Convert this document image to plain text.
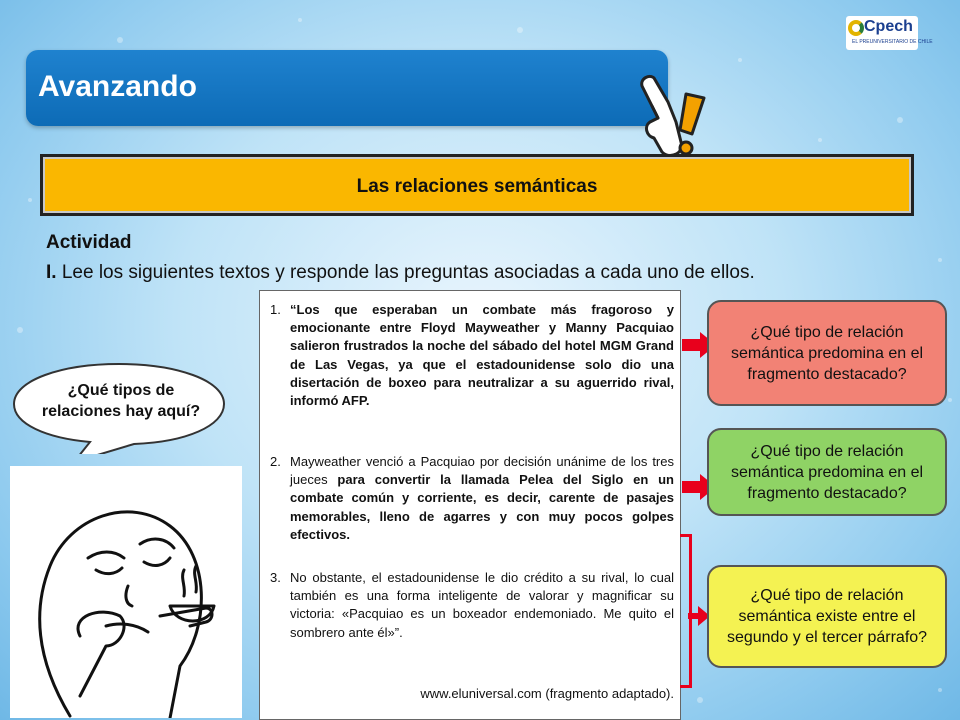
Cpech
EL PREUNIVERSITARIO DE CHILE
Avanzando
Las relaciones semánticas
Actividad
I. Lee los siguientes textos y responde las preguntas asociadas a cada uno de ellos.
¿Qué tipos de relaciones hay aquí?
1. “Los que esperaban un combate más fragoroso y emocionante entre Floyd Mayweather y Manny Pacquiao salieron frustrados la noche del sábado del hotel MGM Grand de Las Vegas, ya que el estadounidense solo dio una disertación de boxeo para neutralizar a su aguerrido rival, informó AFP.
2. Mayweather venció a Pacquiao por decisión unánime de los tres jueces para convertir la llamada Pelea del Siglo en un combate común y corriente, es decir, carente de pasajes memorables, lleno de agarres y con muy pocos golpes efectivos.
3. No obstante, el estadounidense le dio crédito a su rival, lo cual también es una forma inteligente de valorar y magnificar su victoria: «Pacquiao es un boxeador endemoniado. Me quito el sombrero ante él»”.
www.eluniversal.com (fragmento adaptado).
¿Qué tipo de relación semántica predomina en el fragmento destacado?
¿Qué tipo de relación semántica predomina en el fragmento destacado?
¿Qué tipo de relación semántica existe entre el segundo y el tercer párrafo?
